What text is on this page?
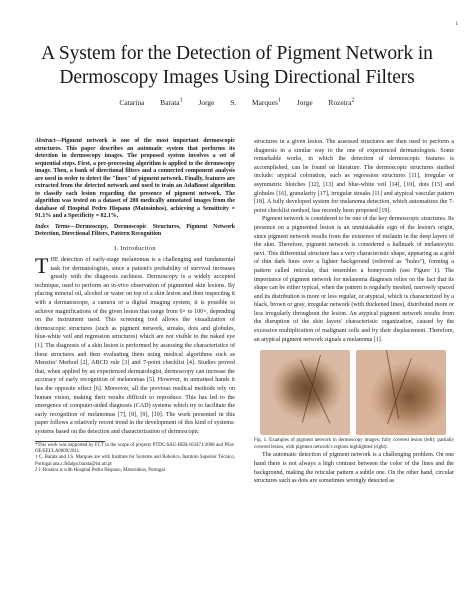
1
A System for the Detection of Pigment Network in
Dermoscopy Images Using Directional Filters
Catarina Barata$^1$ Jorge S. Marques$^1$ Jorge Rozeira$^2$

Abstract—Pigment network is one of the most important dermoscopic structures. This paper describes an automatic system that performs its detection in dermoscopy images. The proposed system involves a set of sequential steps. First, a pre-processing algorithm is applied to the dermoscopy image. Then, a bank of directional filters and a connected component analysis are used in order to detect the "lines" of pigment network. Finally, features are extracted from the detected network and used to train an AdaBoost algorithm to classify each lesion regarding the presence of pigment network. The algorithm was tested on a dataset of 200 medically annotated images from the database of Hospital Pedro Hispano (Matosinhos), achieving a Sensitivity = 91.1% and a Specificity = 82.1%.

Index Terms—Dermoscopy, Dermoscopic Structures, Pigment Network Detection, Directional Filters, Pattern Recognition

I. Introduction

THE detection of early-stage melanomas is a challenging and fundamental task for dermatologists, since a patient's probability of survival increases greatly with the diagnosis earliness. Dermoscopy is a widely accepted technique, used to perform an in-vivo observation of pigmented skin lesions. By placing mineral oil, alcohol or water on top of a skin lesion and then inspecting it with a dermatoscope, a camera or a digital imaging system, it is possible to achieve magnifications of the given lesion that range from 6× to 100×, depending on the instrument used. This screening tool allows the visualization of dermoscopic structures (such as pigment network, streaks, dots and globules, blue-white veil and regression structures) which are not visible to the naked eye [1]. The diagnosis of a skin lesion is performed by assessing the characteristics of these structures and then evaluating them using medical algorithms such as Menzies' Method [2], ABCD rule [3] and 7-point checklist [4]. Studies proved that, when applied by an experienced dermatologist, dermoscopy can increase the accuracy of early recognition of melanomas [5]. However, in untrained hands it has the opposite effect [6]. Moreover, all the previous medical methods rely on human vision, making their results difficult to reproduce. This has led to the emergence of computer-aided diagnosis (CAD) systems which try to facilitate the early recognition of melanomas [7], [8], [9], [10]. The work presented in this paper follows a relatively recent trend in the development of this kind of systems: systems based on the detection and characterization of dermoscopic

*This work was supported by FCT in the scope of projects PTDC/SAU-BEB/103471/2008 and PEst-OE/EEI/LA0009/2011.

1 C. Barata and J.S. Marques are with Institute for Systems and Robotics, Instituto Superior Técnico, Portugal ana.c.fidalgo.barata@ist.utl.pt

2 J. Rozeira is with Hospital Pedro Hispano, Matosinhos, Portugal.

structures in a given lesion. The assessed structures are then used to perform a diagnosis in a similar way to the one of experienced dermatologists. Some remarkable works, in which the detection of dermoscopic features is accomplished, can be found on literature. The dermoscopic structures studied include: atypical coloration, such as regression structures [11], irregular or asymmetric blotches [12], [13] and blue-white veil [14], [10], dots [15] and globules [16], granularity [17], irregular streaks [11] and atypical vascular pattern [18]. A fully developed system for melanoma detection, which automatizes the 7-point checklist method, has recently been proposed [19].

Pigment network is considered to be one of the key dermoscopic structures. Its presence on a pigmented lesion is an unmistakable sign of the lesion's origin, since pigment network results from the existence of melanin in the deep layers of the skin. Therefore, pigment network is considered a hallmark of melanocytic nevi. This differential structure has a very characteristic shape, appearing as a grid of thin dark lines over a lighter background (referred as "holes"), forming a pattern called reticular, that resembles a honeycomb (see Figure 1). The importance of pigment network for melanoma diagnosis relies on the fact that its shape can be either typical, when the pattern is regularly meshed, narrowly spaced and its distribution is more or less regular, or atypical, which is characterized by a black, brown or gray, irregular network (with thickened lines), distributed more or less irregularly throughout the lesion. An atypical pigment network results from the disruption of the skin layers' characteristic organization, caused by the excessive multiplication of malignant cells and by their displacement. Therefore, an atypical pigment network signals a melanoma [1].

Fig. 1. Examples of pigment network in dermoscopy images: fully covered lesion (left); partially covered lesion, with pigment network's regions highlighted (right).

The automatic detection of pigment network is a challenging problem. On one hand there is not always a high contrast between the color of the lines and the background, making the reticular pattern a subtle one. On the other hand, circular structures such as dots are sometimes wrongly detected as
